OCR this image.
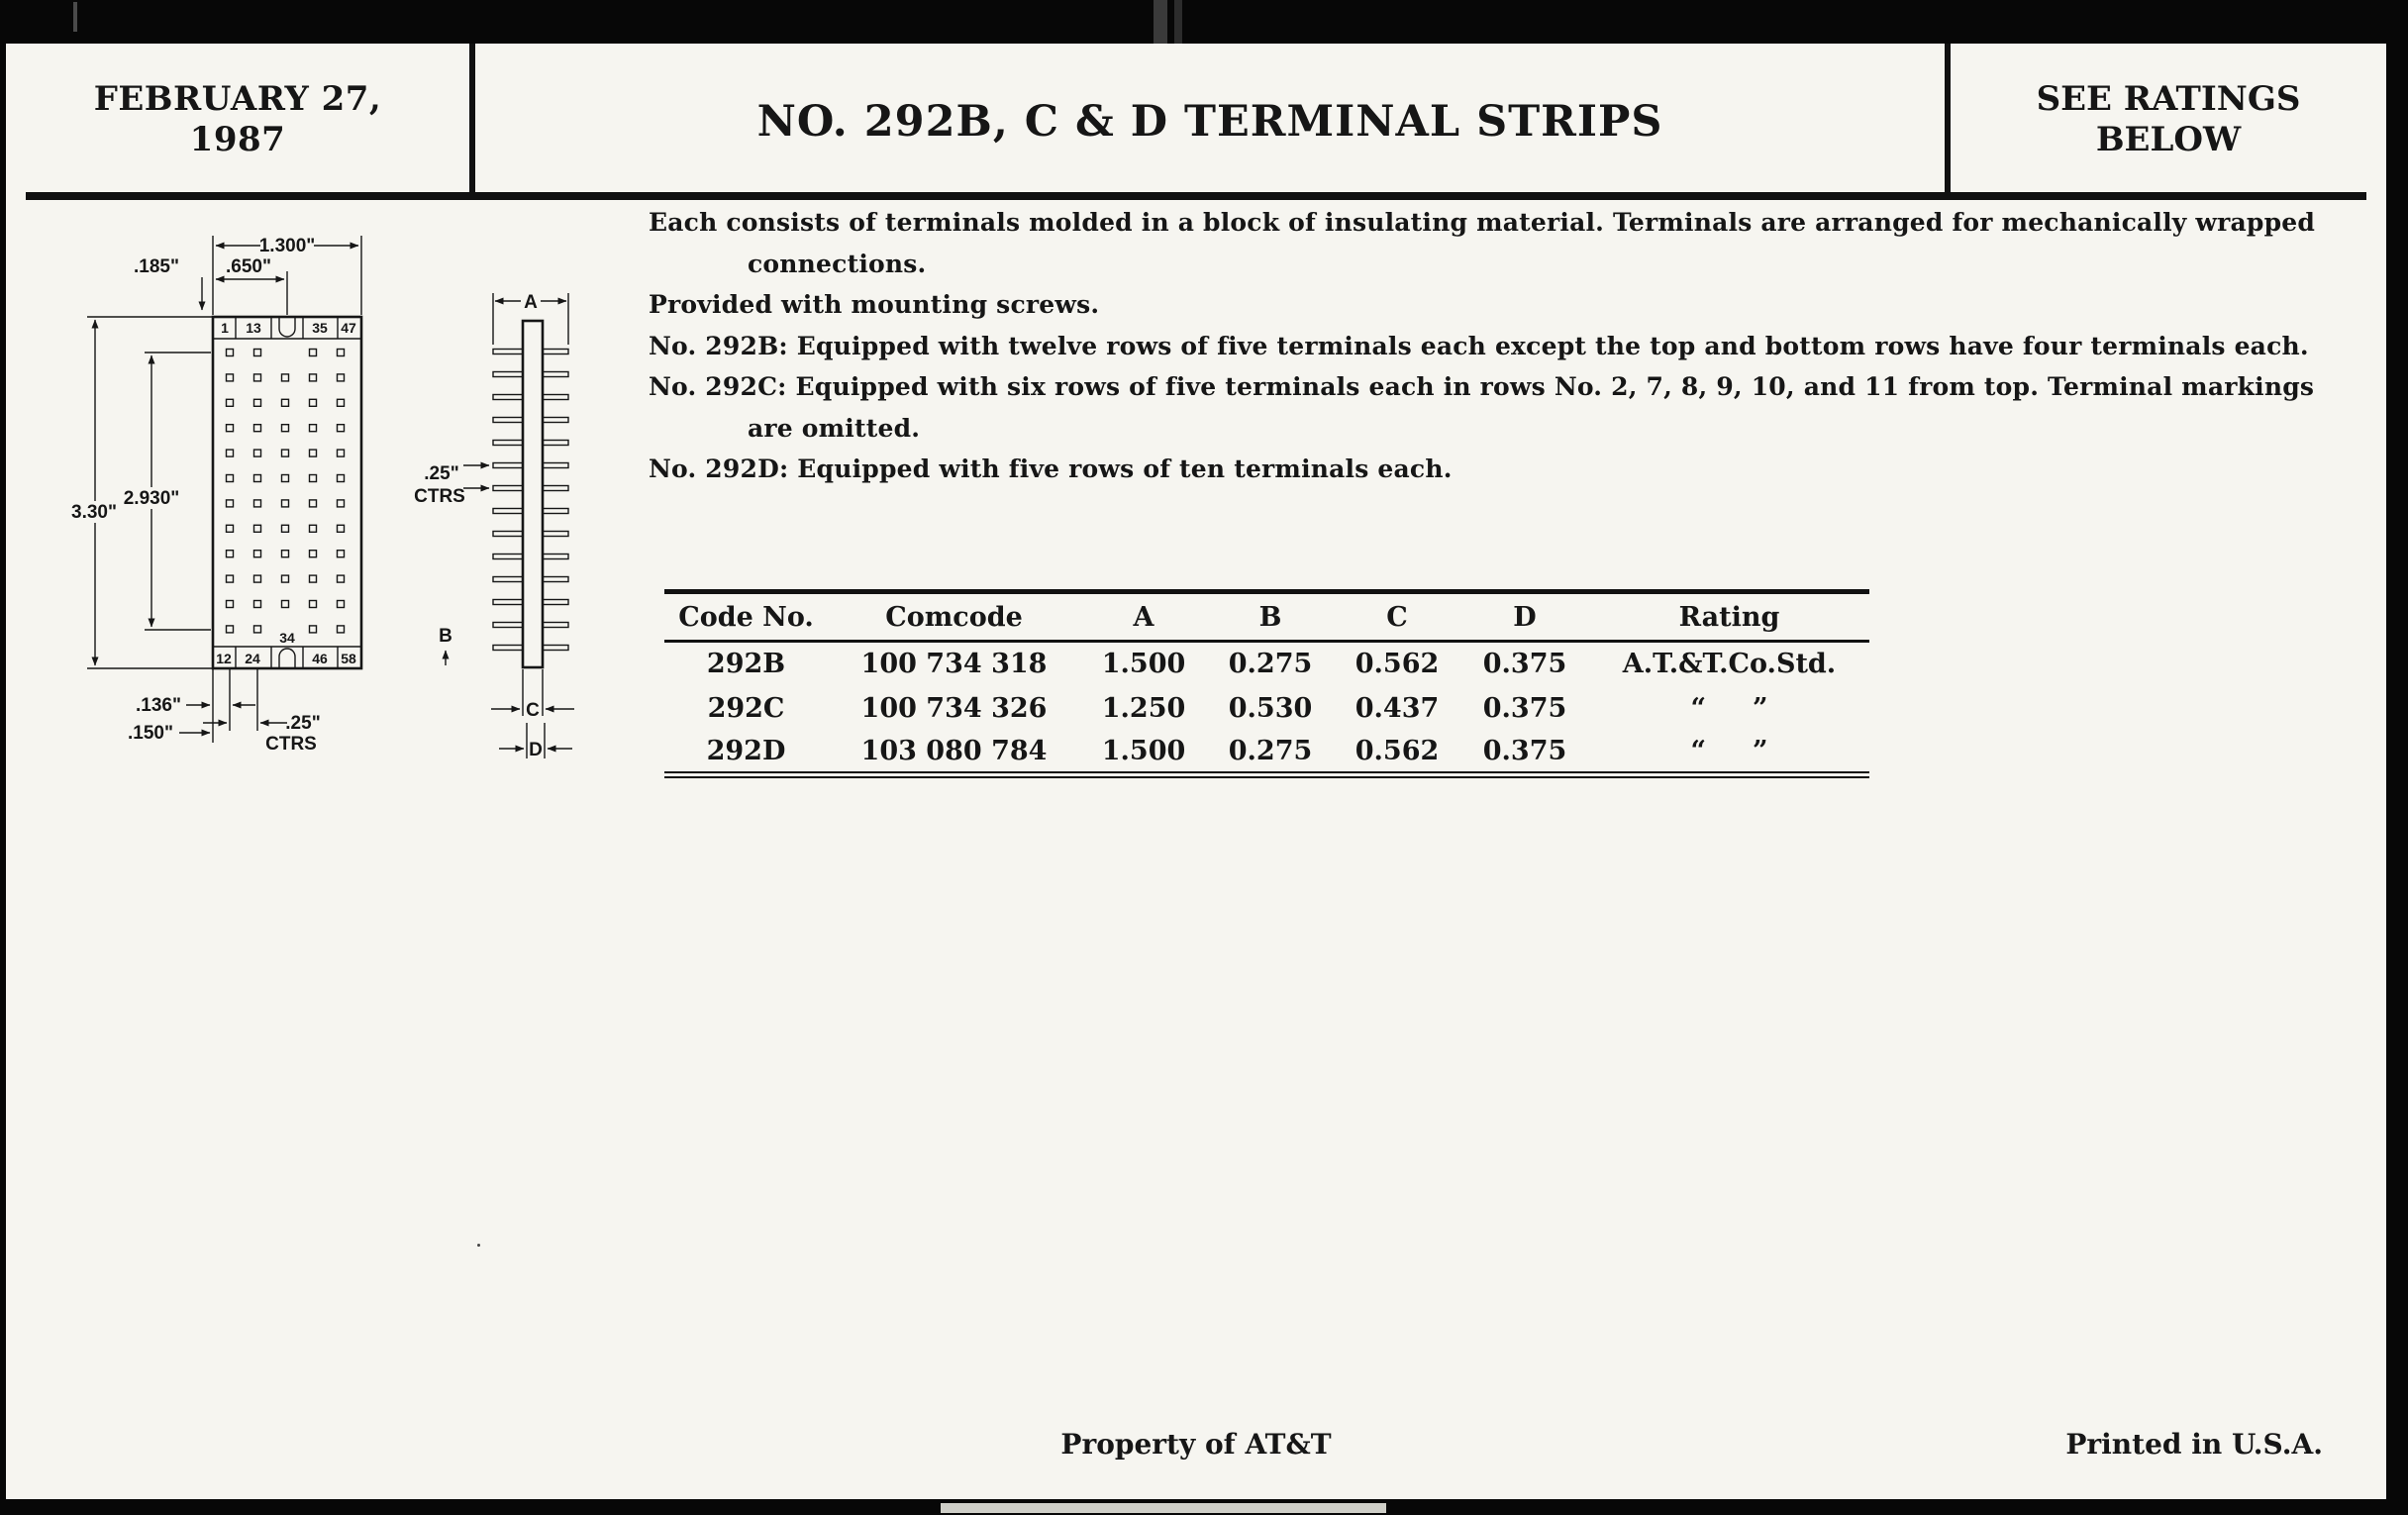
FEBRUARY 27,
1987	NO. 292B, C & D TERMINAL STRIPS	SEE RATINGS
BELOW
1 13	35 47
12 24	46 58
34
1.300"
.650"
.185"
2.930"
3.30"
.136"
.150"	.25"
CTRS
A
.25"
CTRS
B
C
D
Each consists of terminals molded in a block of insulating material. Terminals are arranged for mechanically wrapped
connections.
Provided with mounting screws.
No. 292B: Equipped with twelve rows of five terminals each except the top and bottom rows have four terminals each.
No. 292C: Equipped with six rows of five terminals each in rows No. 2, 7, 8, 9, 10, and 11 from top. Terminal markings
are omitted.
No. 292D: Equipped with five rows of ten terminals each.
Code No.	Comcode	A	B	C	D	Rating
292B	100 734 318	1.500	0.275	0.562	0.375	A.T.&T.Co.Std.
292C	100 734 326	1.250	0.530	0.437	0.375	“     ”
292D	103 080 784	1.500	0.275	0.562	0.375	“     ”
Property of AT&T	Printed in U.S.A.
